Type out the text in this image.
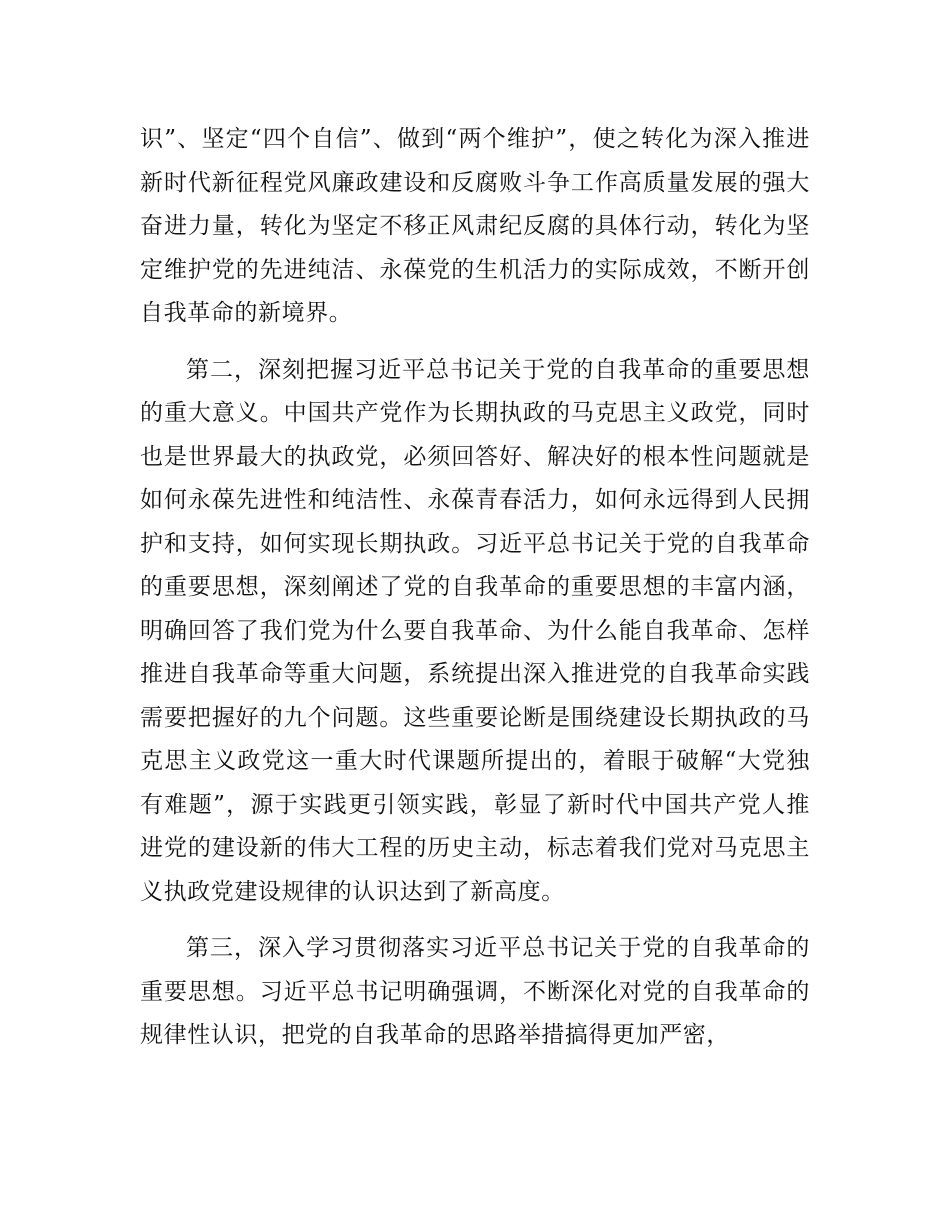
识”、坚定“四个自信”、做到“两个维护”，使之转化为深入推进新时代新征程党风廉政建设和反腐败斗争工作高质量发展的强大奋进力量，转化为坚定不移正风肃纪反腐的具体行动，转化为坚定维护党的先进纯洁、永葆党的生机活力的实际成效，不断开创自我革命的新境界。

第二，深刻把握习近平总书记关于党的自我革命的重要思想的重大意义。中国共产党作为长期执政的马克思主义政党，同时也是世界最大的执政党，必须回答好、解决好的根本性问题就是如何永葆先进性和纯洁性、永葆青春活力，如何永远得到人民拥护和支持，如何实现长期执政。习近平总书记关于党的自我革命的重要思想，深刻阐述了党的自我革命的重要思想的丰富内涵，明确回答了我们党为什么要自我革命、为什么能自我革命、怎样推进自我革命等重大问题，系统提出深入推进党的自我革命实践需要把握好的九个问题。这些重要论断是围绕建设长期执政的马克思主义政党这一重大时代课题所提出的，着眼于破解“大党独有难题”，源于实践更引领实践，彰显了新时代中国共产党人推进党的建设新的伟大工程的历史主动，标志着我们党对马克思主义执政党建设规律的认识达到了新高度。

第三，深入学习贯彻落实习近平总书记关于党的自我革命的重要思想。习近平总书记明确强调，不断深化对党的自我革命的规律性认识，把党的自我革命的思路举措搞得更加严密，
